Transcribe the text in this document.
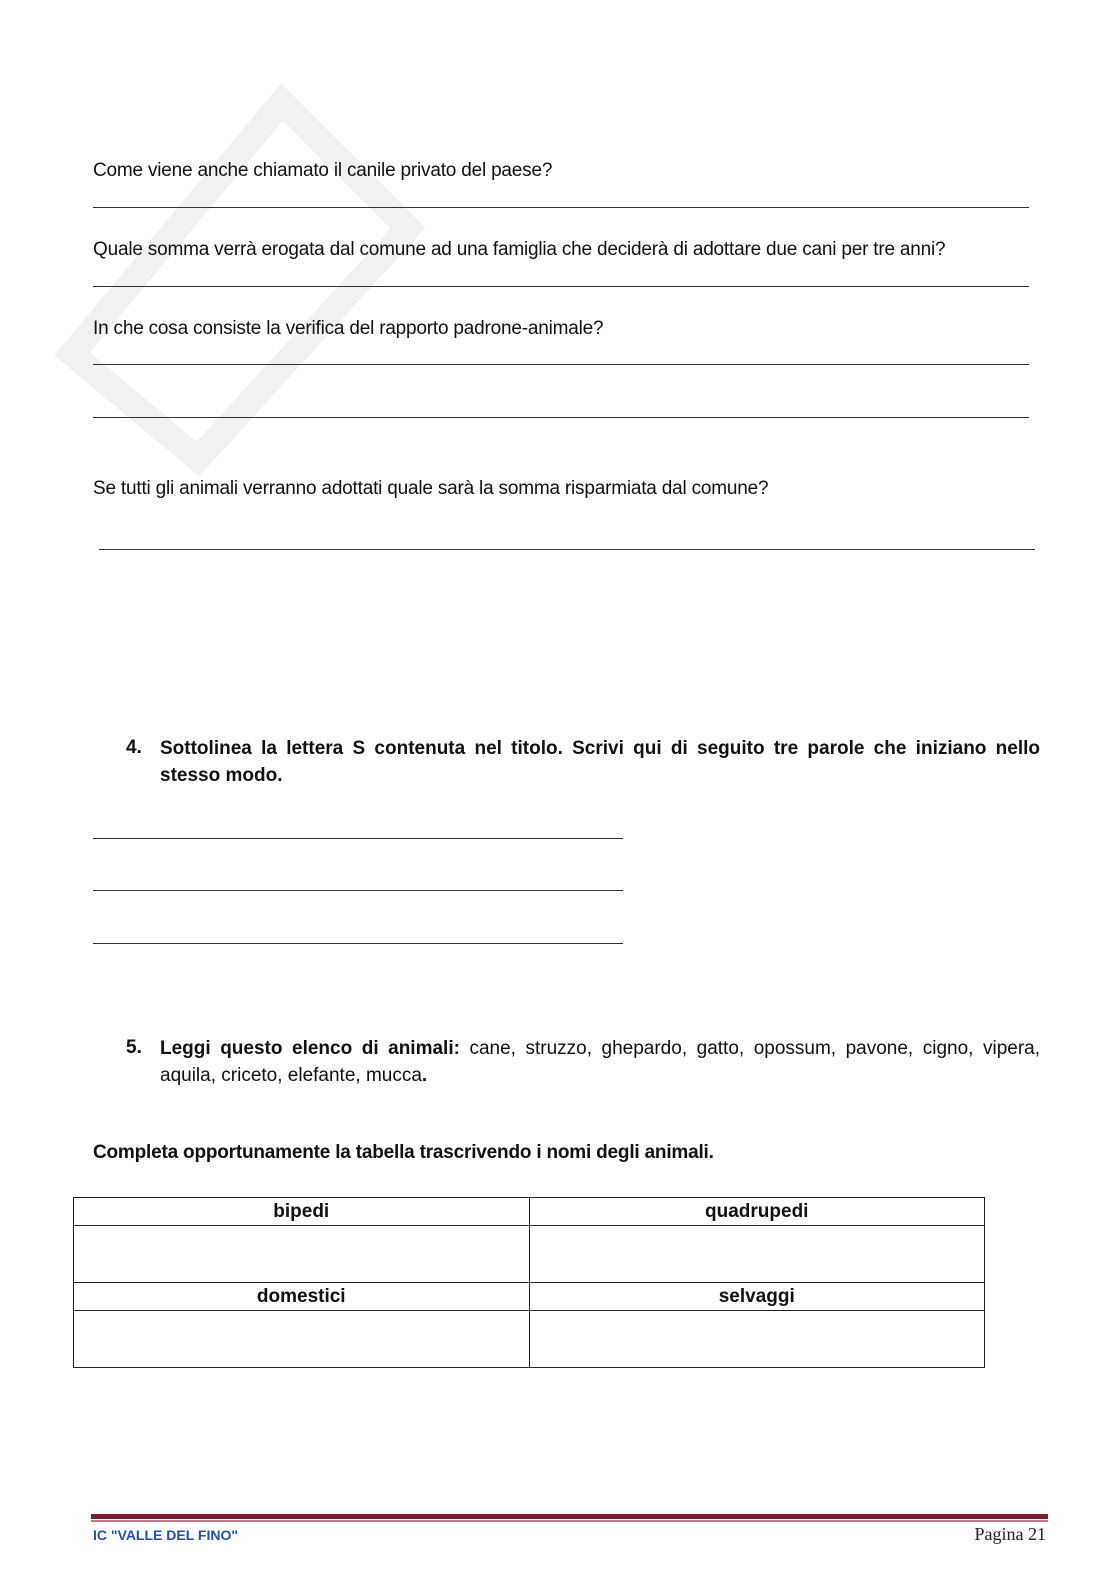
Come viene anche chiamato il canile privato del paese?
Quale somma verrà erogata dal comune ad una famiglia che deciderà di adottare due cani per tre anni?
In che cosa consiste la verifica del rapporto padrone-animale?
Se tutti gli animali verranno adottati quale sarà la somma risparmiata dal comune?
4. Sottolinea la lettera S contenuta nel titolo. Scrivi qui di seguito tre parole che iniziano nello stesso modo.
5. Leggi questo elenco di animali: cane, struzzo, ghepardo, gatto, opossum, pavone, cigno, vipera, aquila, criceto, elefante, mucca.
Completa opportunamente la tabella trascrivendo i nomi degli animali.
bipedi	quadrupedi

domestici	selvaggi

IC "VALLE DEL FINO"	Pagina 21
